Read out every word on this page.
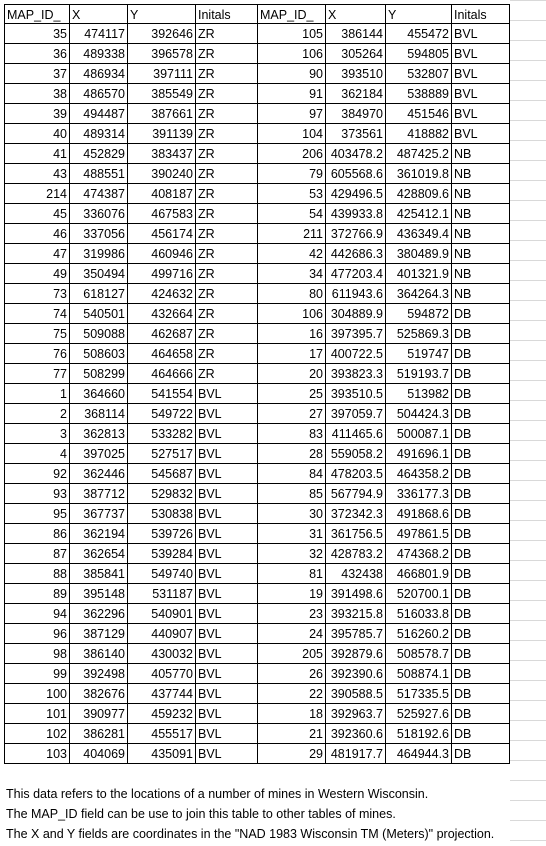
MAP_ID_ X	Y	Initals	MAP_ID_	X	Y	Initals
35	474117	392646 ZR	105	386144	455472 BVL
36	489338	396578 ZR	106	305264	594805 BVL
37	486934	397111 ZR	90	393510	532807 BVL
38	486570	385549 ZR	91	362184	538889 BVL
39	494487	387661 ZR	97	384970	451546 BVL
40	489314	391139 ZR	104	373561	418882 BVL
41	452829	383437 ZR	206 403478.2	487425.2 NB
43	488551	390240 ZR	79 605568.6	361019.8 NB
214	474387	408187 ZR	53 429496.5	428809.6 NB
45	336076	467583 ZR	54 439933.8	425412.1 NB
46	337056	456174 ZR	211 372766.9	436349.4 NB
47	319986	460946 ZR	42 442686.3	380489.9 NB
49	350494	499716 ZR	34 477203.4	401321.9 NB
73	618127	424632 ZR	80 611943.6	364264.3 NB
74	540501	432664 ZR	106 304889.9	594872 DB
75	509088	462687 ZR	16 397395.7	525869.3 DB
76	508603	464658 ZR	17 400722.5	519747 DB
77	508299	464666 ZR	20 393823.3	519193.7 DB
1	364660	541554 BVL	25 393510.5	513982 DB
2	368114	549722 BVL	27 397059.7	504424.3 DB
3	362813	533282 BVL	83 411465.6	500087.1 DB
4	397025	527517 BVL	28 559058.2	491696.1 DB
92	362446	545687 BVL	84 478203.5	464358.2 DB
93	387712	529832 BVL	85 567794.9	336177.3 DB
95	367737	530838 BVL	30 372342.3	491868.6 DB
86	362194	539726 BVL	31 361756.5	497861.5 DB
87	362654	539284 BVL	32 428783.2	474368.2 DB
88	385841	549740 BVL	81	432438	466801.9 DB
89	395148	531187 BVL	19 391498.6	520700.1 DB
94	362296	540901 BVL	23 393215.8	516033.8 DB
96	387129	440907 BVL	24 395785.7	516260.2 DB
98	386140	430032 BVL	205 392879.6	508578.7 DB
99	392498	405770 BVL	26 392390.6	508874.1 DB
100	382676	437744 BVL	22 390588.5	517335.5 DB
101	390977	459232 BVL	18 392963.7	525927.6 DB
102	386281	455517 BVL	21 392360.6	518192.6 DB
103	404069	435091 BVL	29 481917.7	464944.3 DB
This data refers to the locations of a number of mines in Western Wisconsin.
The MAP_ID field can be use to join this table to other tables of mines.
The X and Y fields are coordinates in the "NAD 1983 Wisconsin TM (Meters)" projection.
